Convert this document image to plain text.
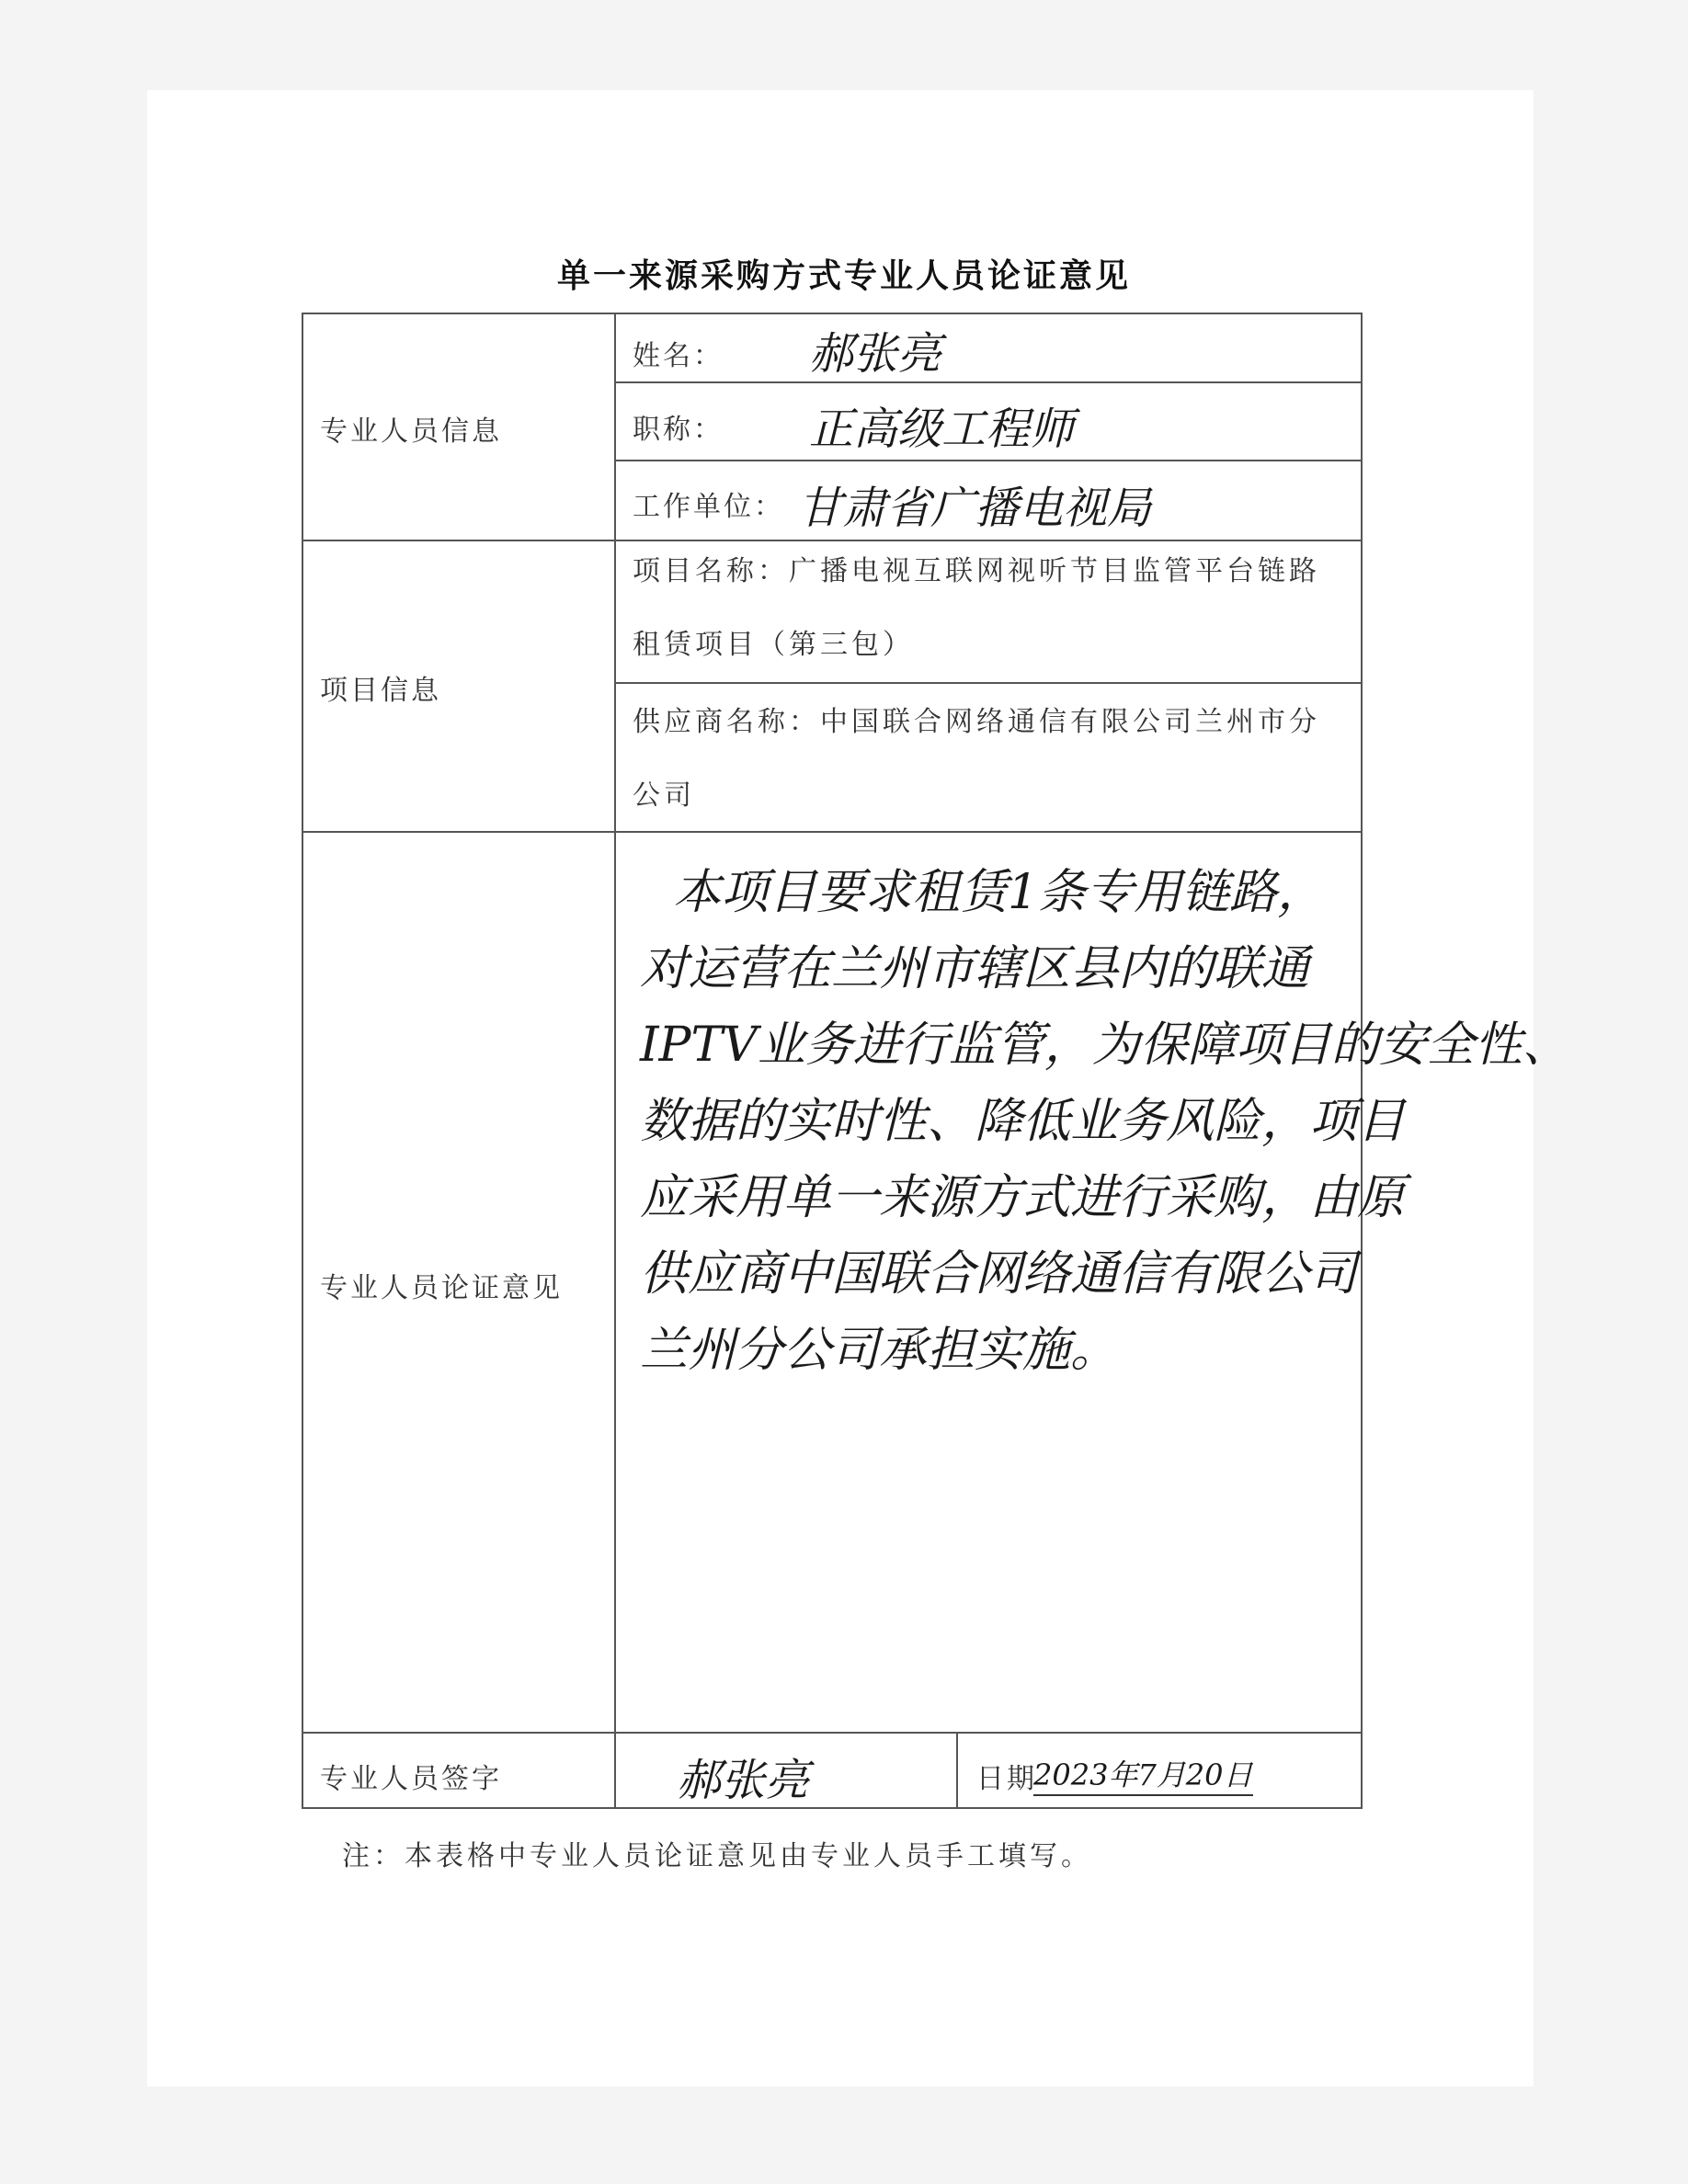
单一来源采购方式专业人员论证意见
专业人员信息
项目信息
专业人员论证意见
专业人员签字
姓名： 郝张亮
职称： 正高级工程师
工作单位： 甘肃省广播电视局
项目名称：广播电视互联网视听节目监管平台链路
租赁项目（第三包）
供应商名称：中国联合网络通信有限公司兰州市分
公司
本项目要求租赁1条专用链路，
对运营在兰州市辖区县内的联通
IPTV业务进行监管，为保障项目的安全性、
数据的实时性、降低业务风险，项目
应采用单一来源方式进行采购，由原
供应商中国联合网络通信有限公司
兰州分公司承担实施。
郝张亮	日期
2023年7月20日
注：本表格中专业人员论证意见由专业人员手工填写。
